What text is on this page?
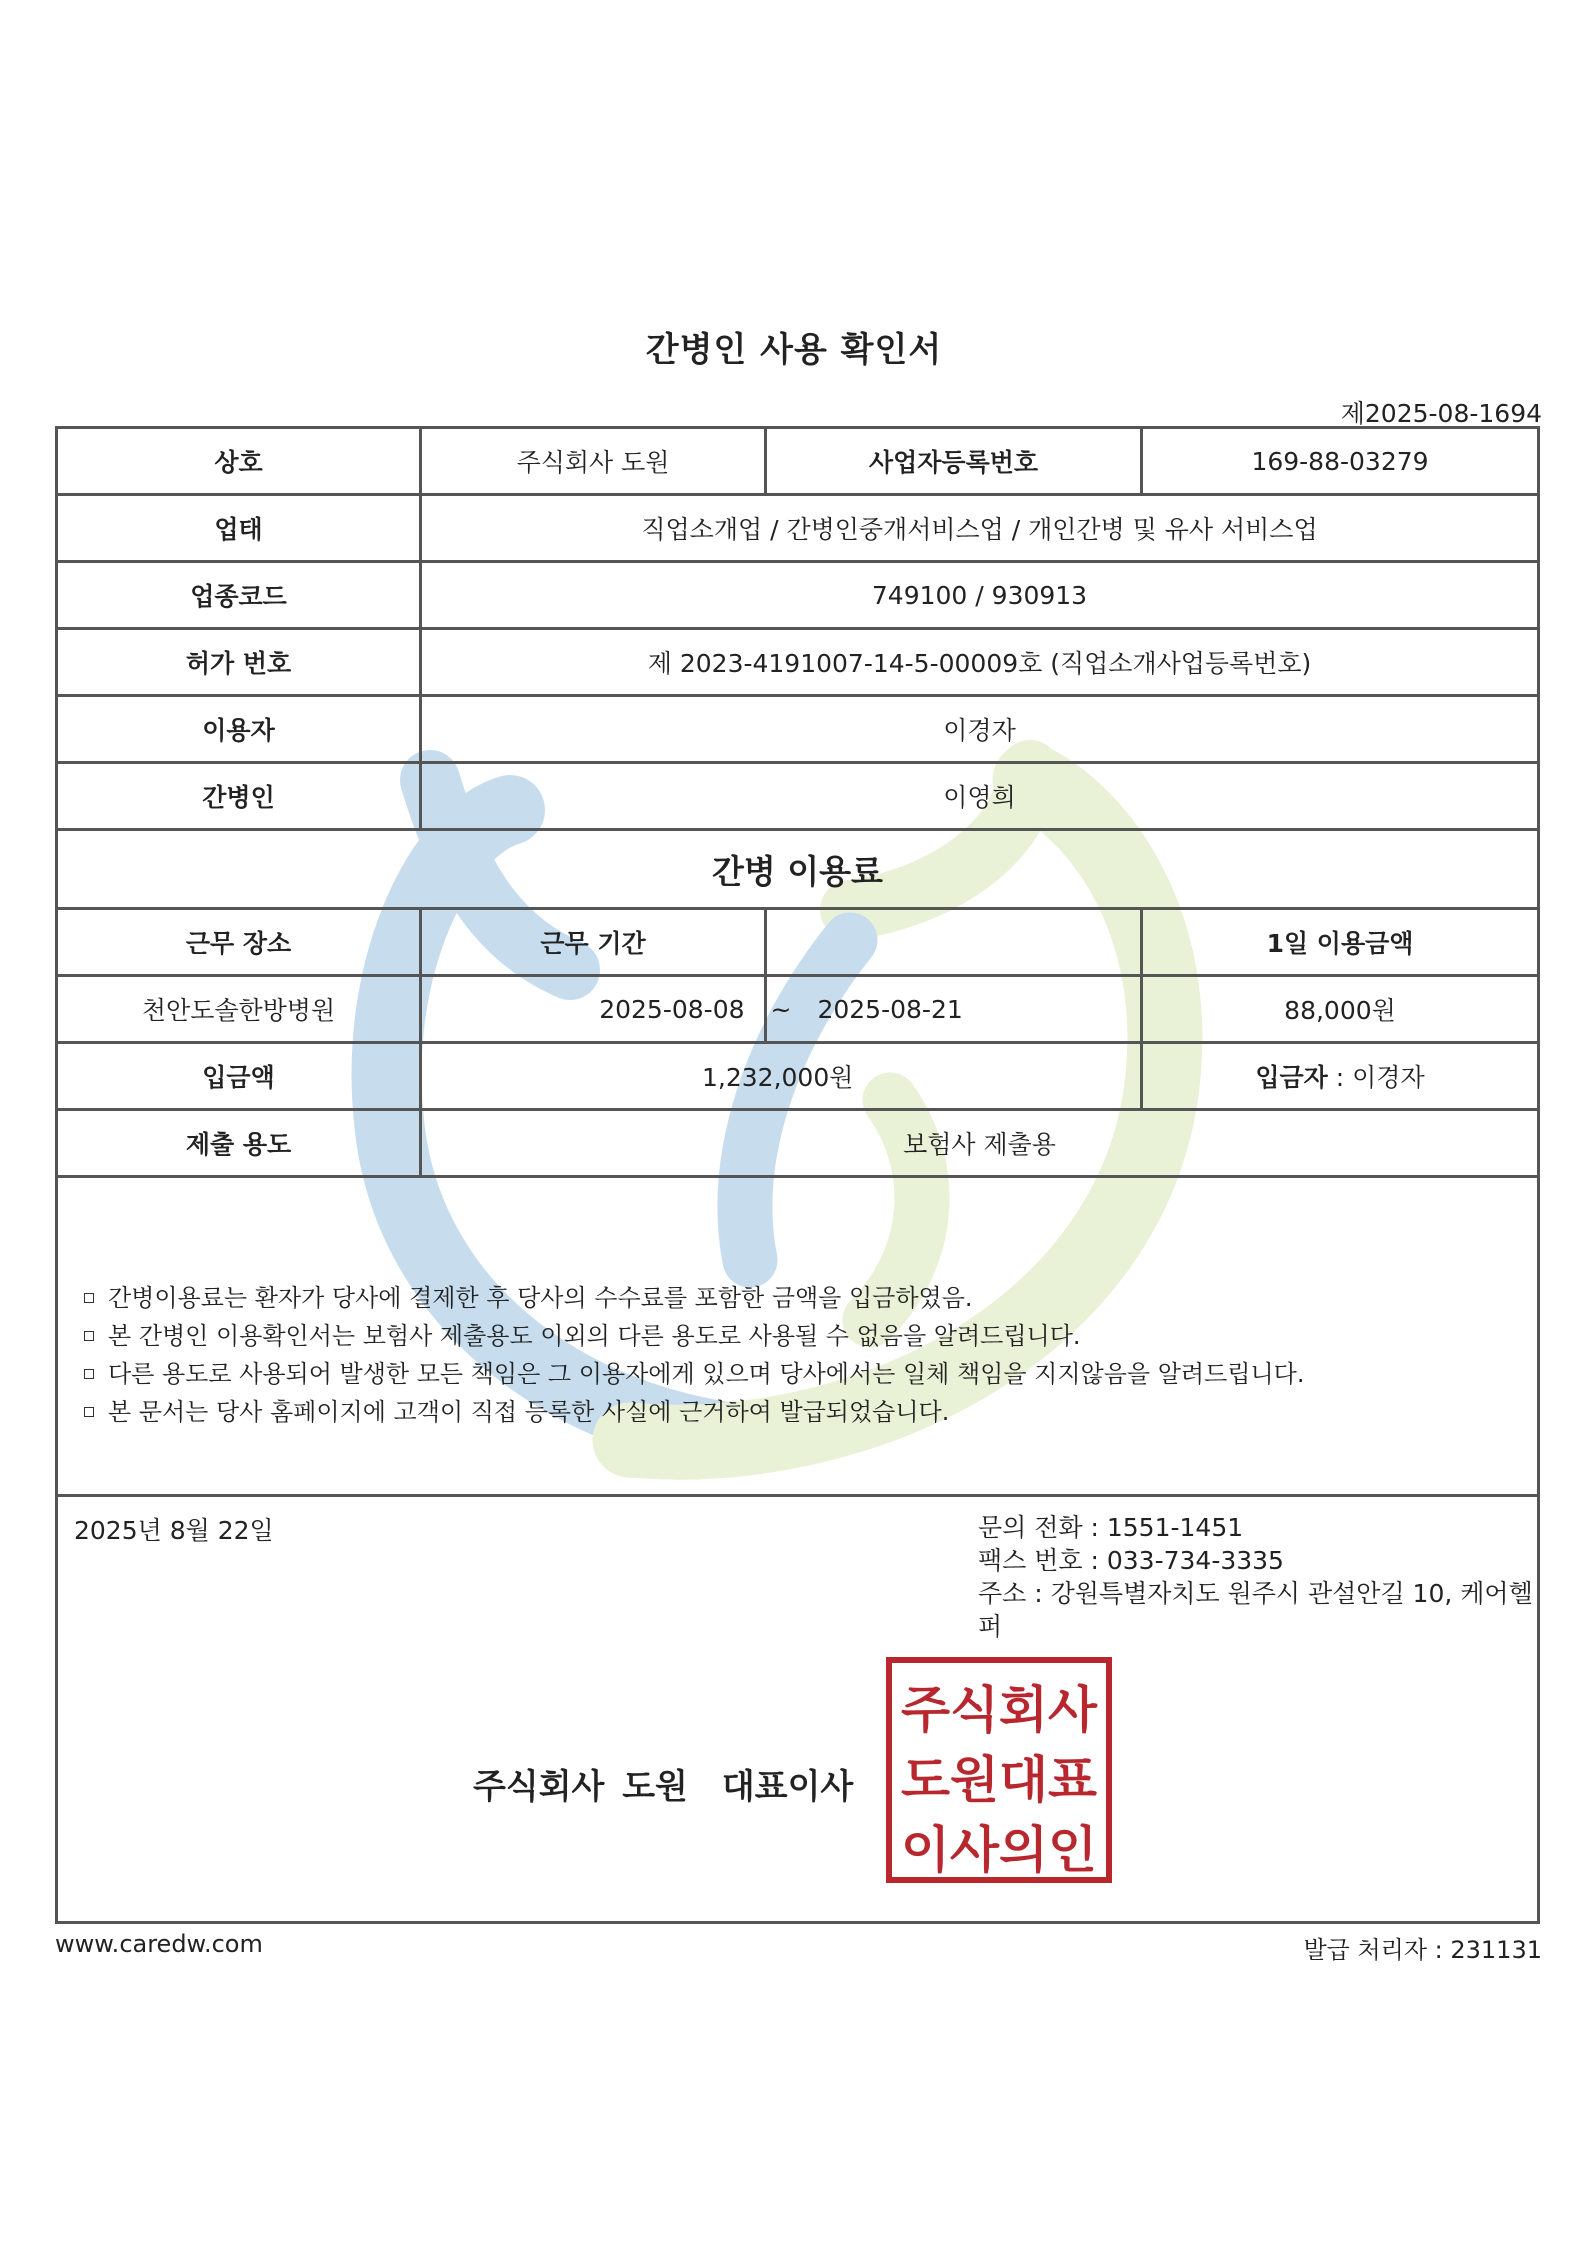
간병인 사용 확인서
제2025-08-1694
상호	주식회사 도원	사업자등록번호	169-88-03279
업태	직업소개업 / 간병인중개서비스업 / 개인간병 및 유사 서비스업
업종코드	749100 / 930913
허가 번호	제 2023-4191007-14-5-00009호 (직업소개사업등록번호)
이용자	이경자
간병인	이영희
간병 이용료
근무 장소	근무 기간	1일 이용금액
천안도솔한방병원	2025-08-08 ~ 2025-08-21	88,000원
입금액	1,232,000원	입금자 : 이경자
제출 용도	보험사 제출용
간병이용료는 환자가 당사에 결제한 후 당사의 수수료를 포함한 금액을 입금하였음.
본 간병인 이용확인서는 보험사 제출용도 이외의 다른 용도로 사용될 수 없음을 알려드립니다.
다른 용도로 사용되어 발생한 모든 책임은 그 이용자에게 있으며 당사에서는 일체 책임을 지지않음을 알려드립니다.
본 문서는 당사 홈페이지에 고객이 직접 등록한 사실에 근거하여 발급되었습니다.
2025년 8월 22일	문의 전화 : 1551-1451
팩스 번호 : 033-734-3335
주소 : 강원특별자치도 원주시 관설안길 10, 케어헬퍼
주식회사 도원　대표이사
주식회사
도원대표
이사의인
www.caredw.com	발급 처리자 : 231131
